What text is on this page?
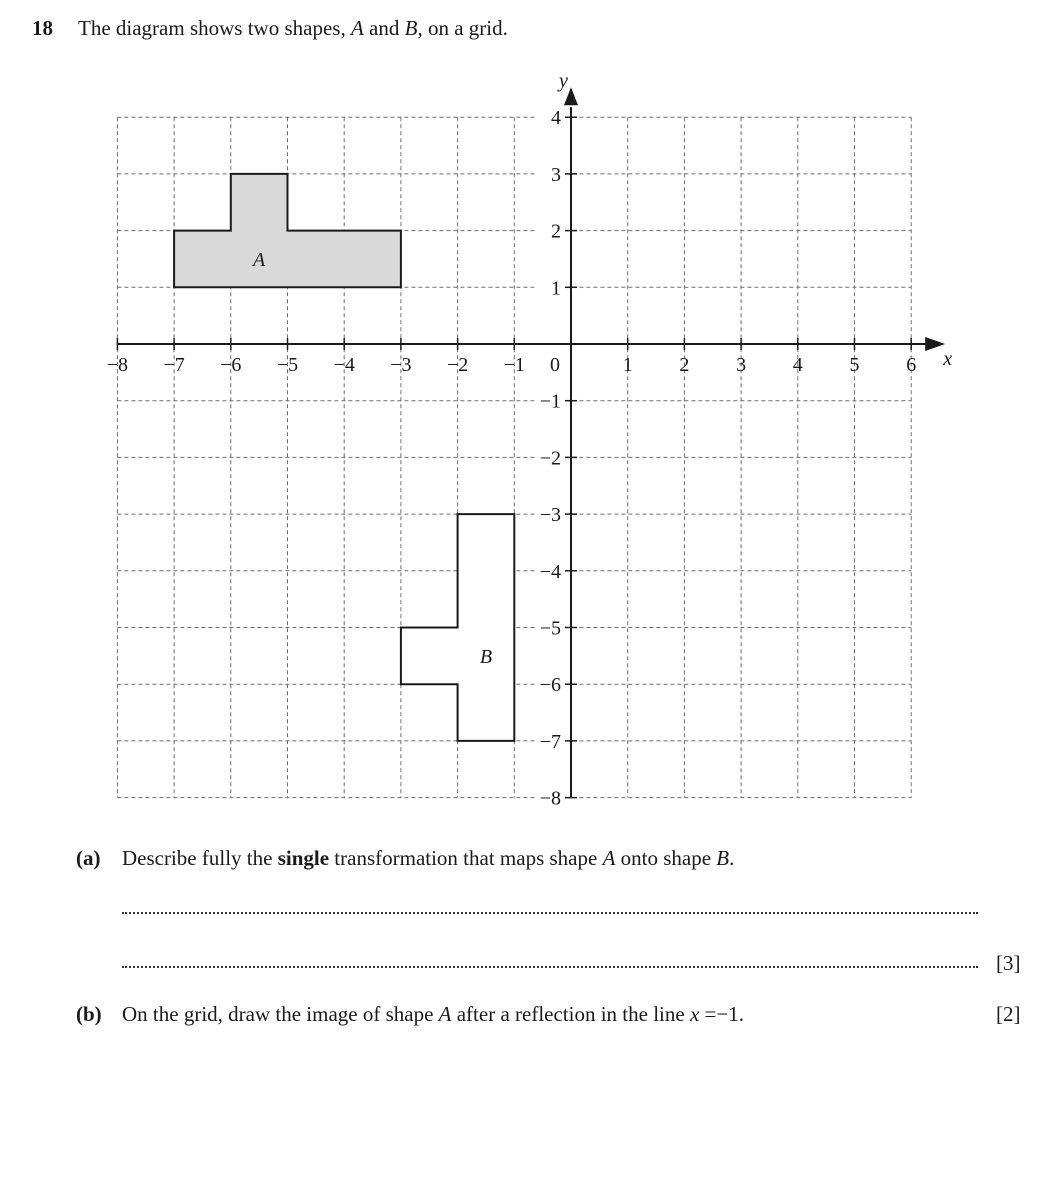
18 The diagram shows two shapes, A and B, on a grid.
A
B
x
y
−8 −7 −6 −5 −4 −3 −2 −1	1 2 3 4 5 6
0
4
3
2
1
−1
−2
−3
−4
−5
−6
−7
−8
(a) Describe fully the single transformation that maps shape A onto shape B.
[3]
(b) On the grid, draw the image of shape A after a reflection in the line x =−1.	[2]
